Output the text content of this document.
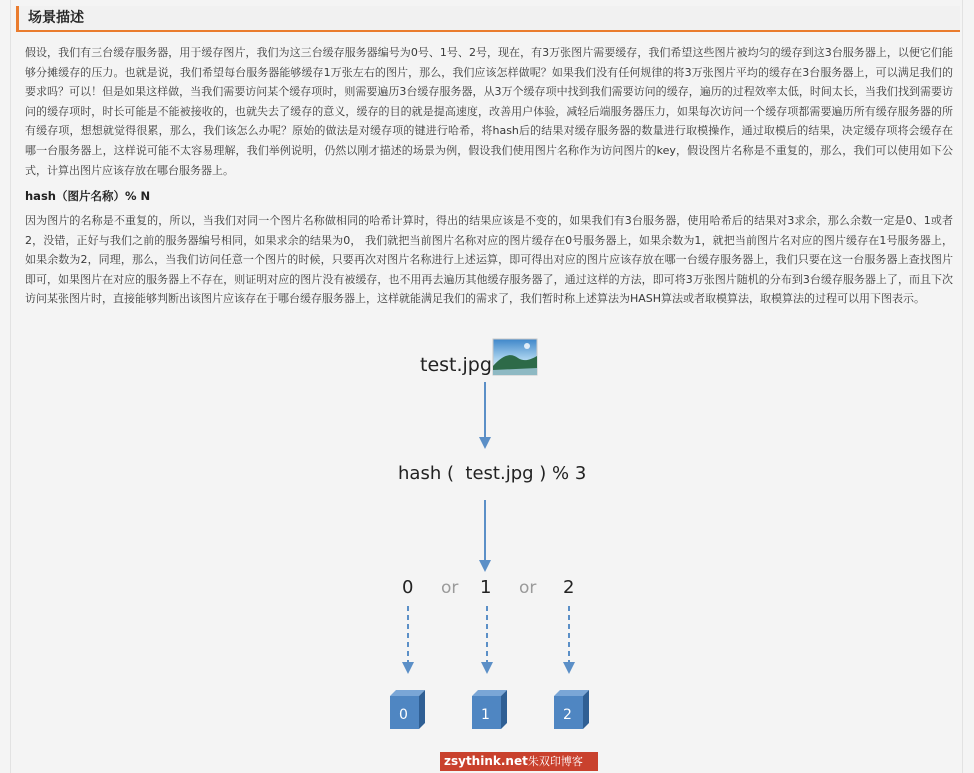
场景描述

假设，我们有三台缓存服务器，用于缓存图片，我们为这三台缓存服务器编号为0号、1号、2号，现在，有3万张图片需要缓存，我们希望这些图片被均匀的缓存到这3台服务器上，以便它们能够分摊缓存的压力。也就是说，我们希望每台服务器能够缓存1万张左右的图片，那么，我们应该怎样做呢？如果我们没有任何规律的将3万张图片平均的缓存在3台服务器上，可以满足我们的要求吗？可以！但是如果这样做，当我们需要访问某个缓存项时，则需要遍历3台缓存服务器，从3万个缓存项中找到我们需要访问的缓存，遍历的过程效率太低，时间太长，当我们找到需要访问的缓存项时，时长可能是不能被接收的，也就失去了缓存的意义，缓存的目的就是提高速度，改善用户体验，减轻后端服务器压力，如果每次访问一个缓存项都需要遍历所有缓存服务器的所有缓存项，想想就觉得很累，那么，我们该怎么办呢？原始的做法是对缓存项的键进行哈希，将hash后的结果对缓存服务器的数量进行取模操作，通过取模后的结果，决定缓存项将会缓存在哪一台服务器上，这样说可能不太容易理解，我们举例说明，仍然以刚才描述的场景为例，假设我们使用图片名称作为访问图片的key，假设图片名称是不重复的，那么，我们可以使用如下公式，计算出图片应该存放在哪台服务器上。

hash（图片名称）% N

因为图片的名称是不重复的，所以，当我们对同一个图片名称做相同的哈希计算时，得出的结果应该是不变的，如果我们有3台服务器，使用哈希后的结果对3求余，那么余数一定是0、1或者2，没错，正好与我们之前的服务器编号相同，如果求余的结果为0， 我们就把当前图片名称对应的图片缓存在0号服务器上，如果余数为1，就把当前图片名对应的图片缓存在1号服务器上，如果余数为2，同理，那么，当我们访问任意一个图片的时候，只要再次对图片名称进行上述运算，即可得出对应的图片应该存放在哪一台缓存服务器上，我们只要在这一台服务器上查找图片即可，如果图片在对应的服务器上不存在，则证明对应的图片没有被缓存，也不用再去遍历其他缓存服务器了，通过这样的方法，即可将3万张图片随机的分布到3台缓存服务器上了，而且下次访问某张图片时，直接能够判断出该图片应该存在于哪台缓存服务器上，这样就能满足我们的需求了，我们暂时称上述算法为HASH算法或者取模算法，取模算法的过程可以用下图表示。

test.jpg
hash (  test.jpg ) % 3
0 or 1 or 2
0	1	2
zsythink.net朱双印博客
